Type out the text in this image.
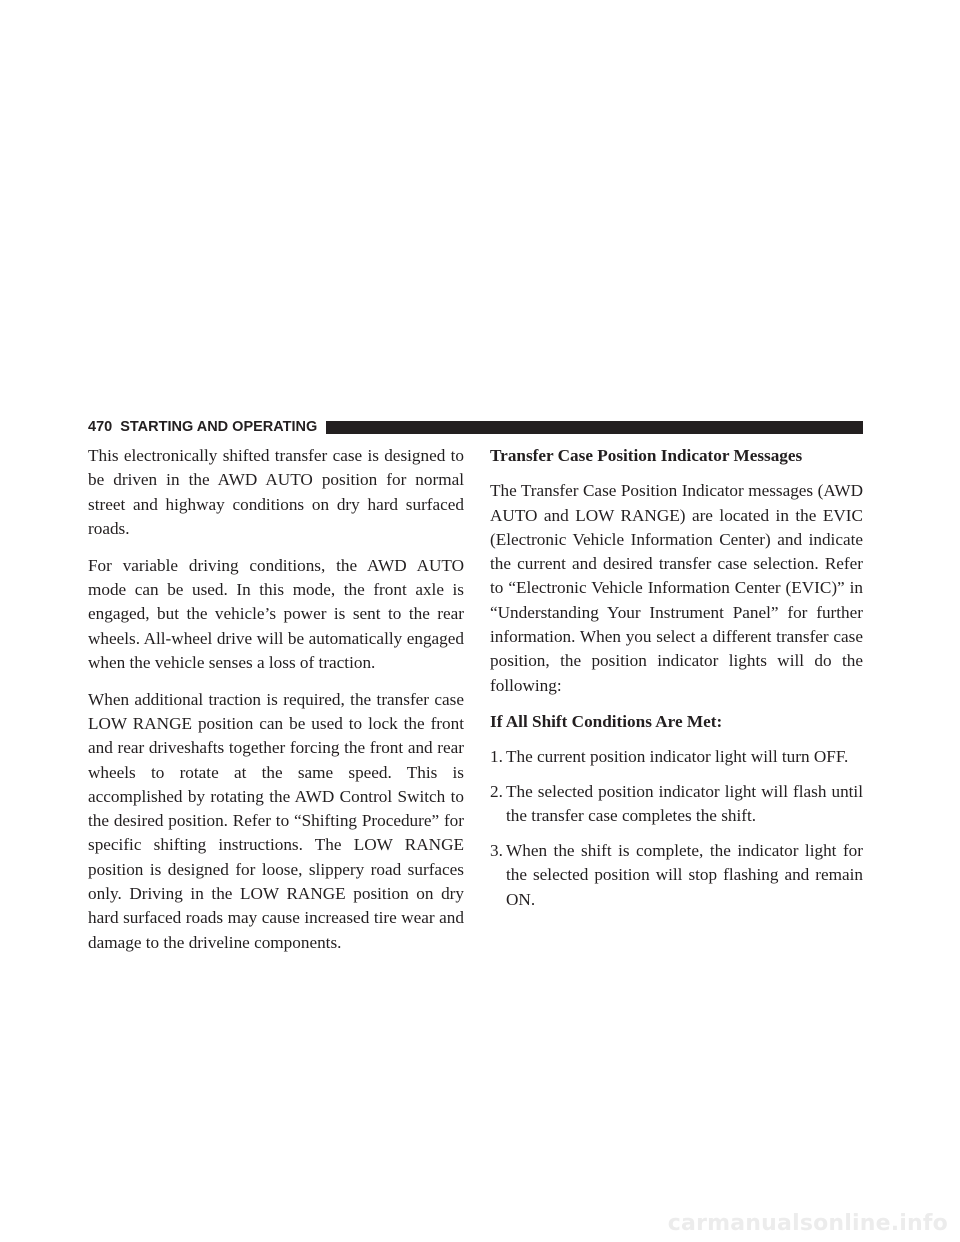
470 STARTING AND OPERATING

This electronically shifted transfer case is designed to be driven in the AWD AUTO position for normal street and highway conditions on dry hard surfaced roads.

For variable driving conditions, the AWD AUTO mode can be used. In this mode, the front axle is engaged, but the vehicle’s power is sent to the rear wheels. All-wheel drive will be automatically engaged when the vehicle senses a loss of traction.

When additional traction is required, the transfer case LOW RANGE position can be used to lock the front and rear driveshafts together forcing the front and rear wheels to rotate at the same speed. This is accomplished by rotating the AWD Control Switch to the desired position. Refer to “Shifting Procedure” for specific shifting instructions. The LOW RANGE position is designed for loose, slippery road surfaces only. Driving in the LOW RANGE position on dry hard surfaced roads may cause increased tire wear and damage to the driveline components.

Transfer Case Position Indicator Messages

The Transfer Case Position Indicator messages (AWD AUTO and LOW RANGE) are located in the EVIC (Electronic Vehicle Information Center) and indicate the current and desired transfer case selection. Refer to “Electronic Vehicle Information Center (EVIC)” in “Understanding Your Instrument Panel” for further information. When you select a different transfer case position, the position indicator lights will do the following:

If All Shift Conditions Are Met:
1. The current position indicator light will turn OFF.
2. The selected position indicator light will flash until the transfer case completes the shift.
3. When the shift is complete, the indicator light for the selected position will stop flashing and remain ON.
carmanualsonline.info
